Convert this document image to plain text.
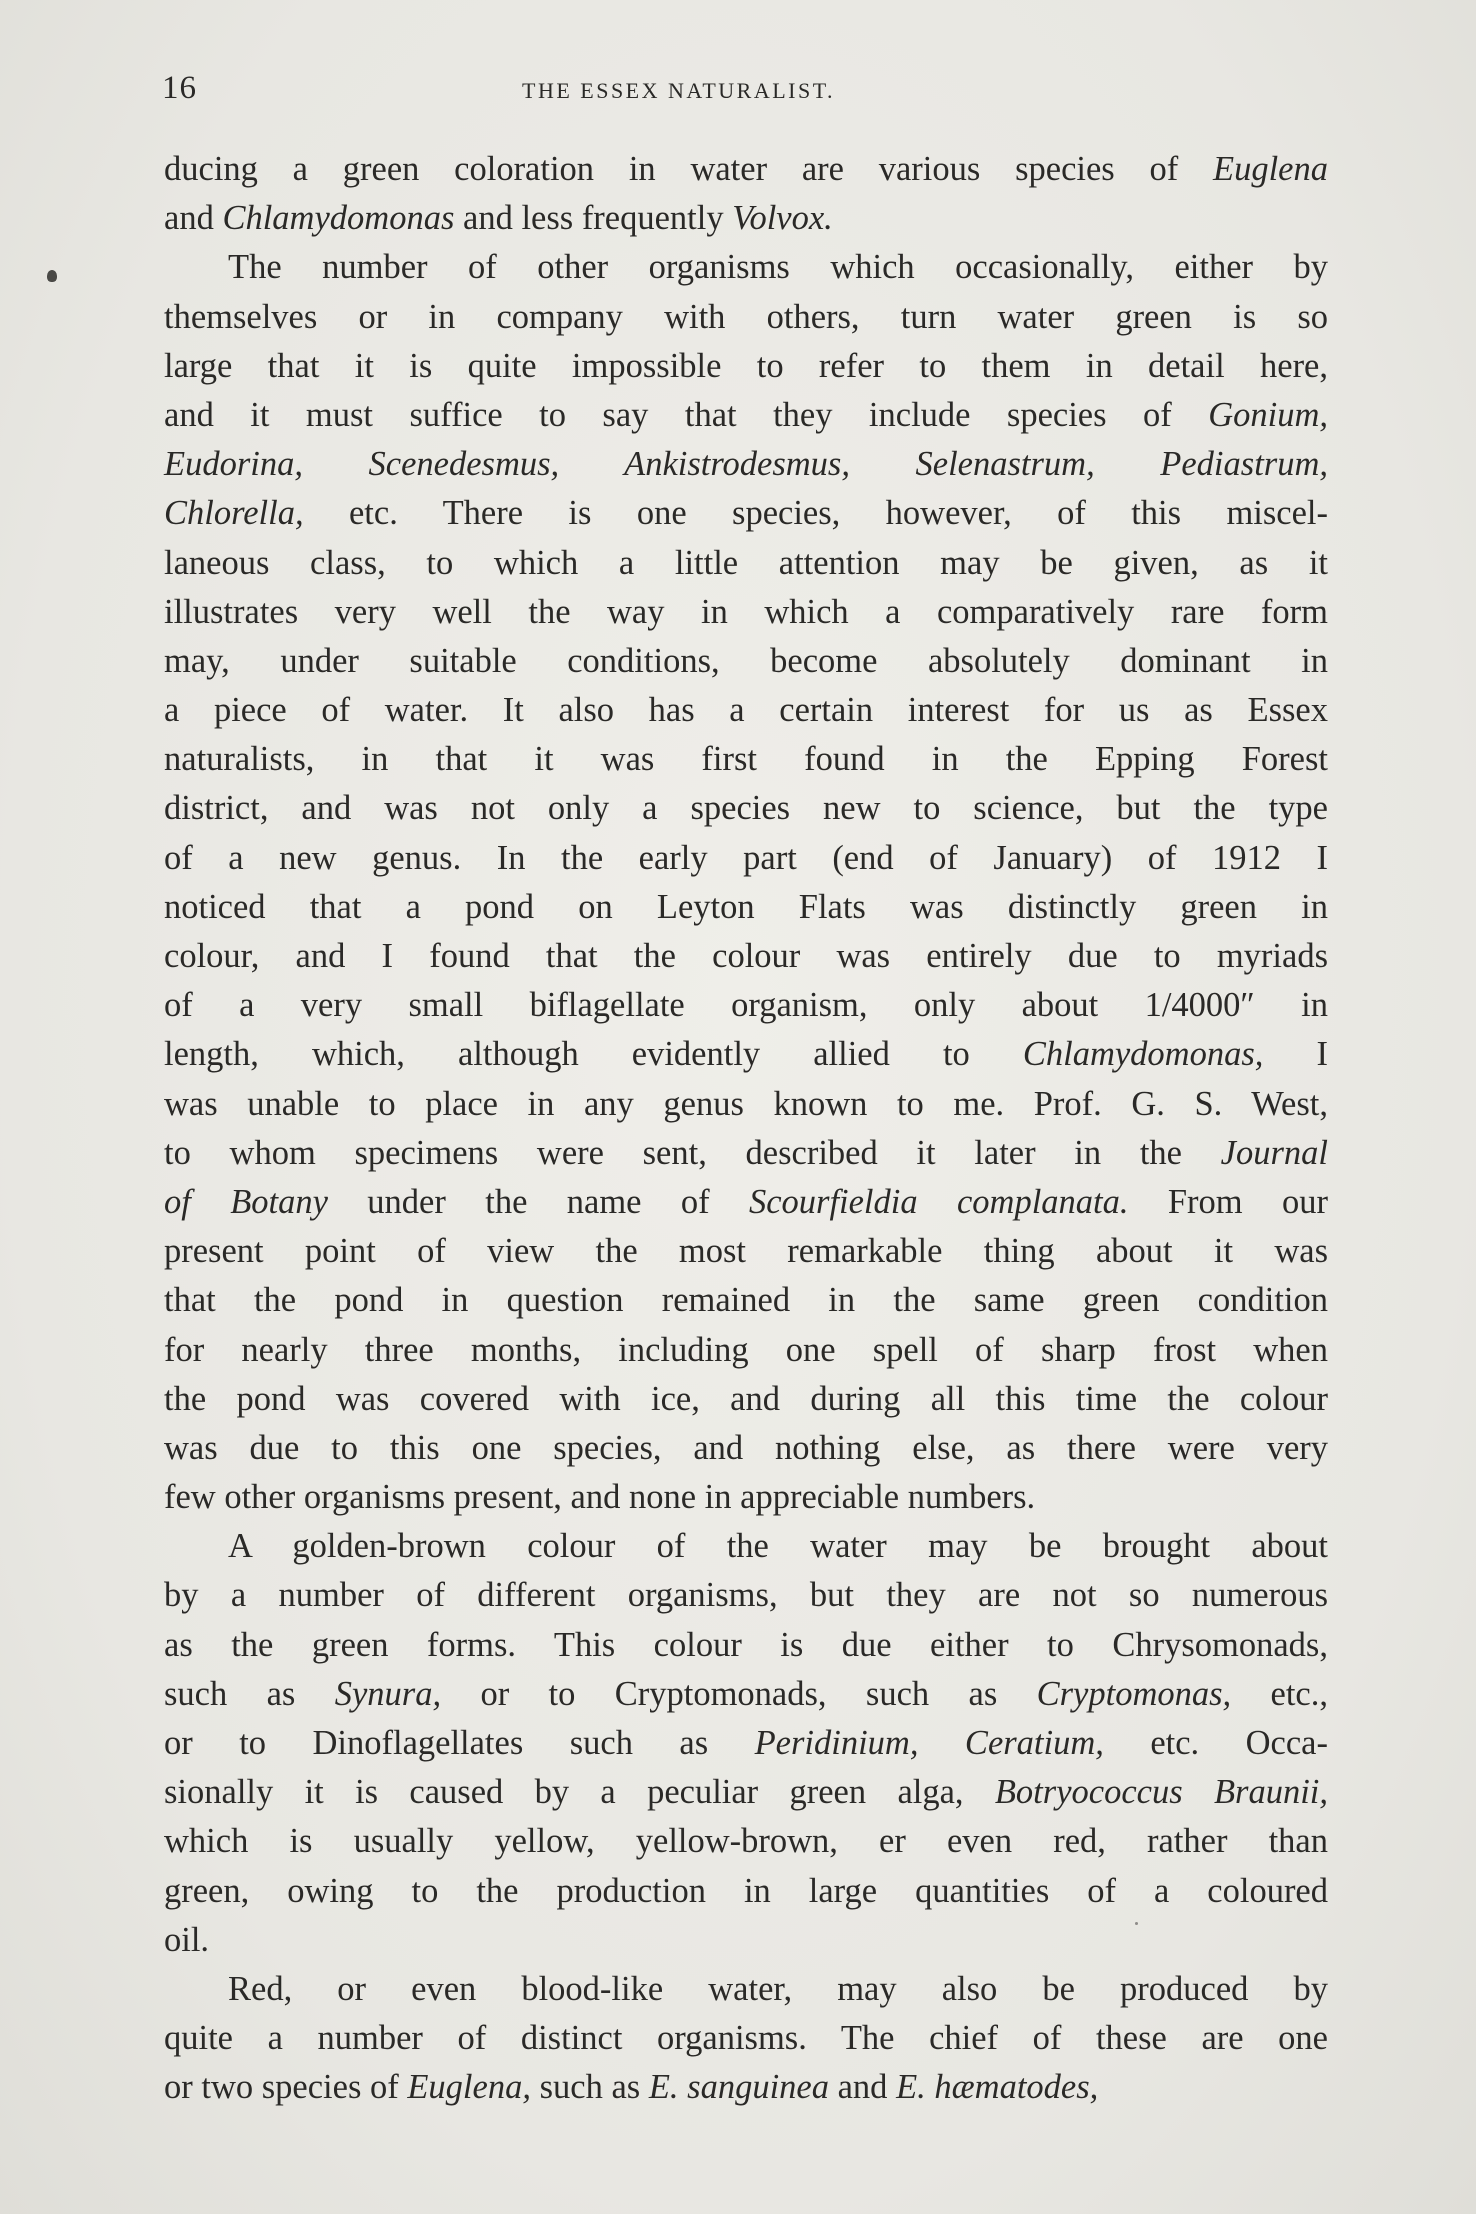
16	THE ESSEX NATURALIST.
ducing a green coloration in water are various species of Euglena
and Chlamydomonas and less frequently Volvox.
The number of other organisms which occasionally, either by
themselves or in company with others, turn water green is so
large that it is quite impossible to refer to them in detail here,
and it must suffice to say that they include species of Gonium,
Eudorina, Scenedesmus, Ankistrodesmus, Selenastrum, Pediastrum,
Chlorella, etc. There is one species, however, of this miscel-
laneous class, to which a little attention may be given, as it
illustrates very well the way in which a comparatively rare form
may, under suitable conditions, become absolutely dominant in
a piece of water. It also has a certain interest for us as Essex
naturalists, in that it was first found in the Epping Forest
district, and was not only a species new to science, but the type
of a new genus. In the early part (end of January) of 1912 I
noticed that a pond on Leyton Flats was distinctly green in
colour, and I found that the colour was entirely due to myriads
of a very small biflagellate organism, only about 1/4000″ in
length, which, although evidently allied to Chlamydomonas, I
was unable to place in any genus known to me. Prof. G. S. West,
to whom specimens were sent, described it later in the Journal
of Botany under the name of Scourfieldia complanata. From our
present point of view the most remarkable thing about it was
that the pond in question remained in the same green condition
for nearly three months, including one spell of sharp frost when
the pond was covered with ice, and during all this time the colour
was due to this one species, and nothing else, as there were very
few other organisms present, and none in appreciable numbers.
A golden-brown colour of the water may be brought about
by a number of different organisms, but they are not so numerous
as the green forms. This colour is due either to Chrysomonads,
such as Synura, or to Cryptomonads, such as Cryptomonas, etc.,
or to Dinoflagellates such as Peridinium, Ceratium, etc. Occa-
sionally it is caused by a peculiar green alga, Botryococcus Braunii,
which is usually yellow, yellow-brown, er even red, rather than
green, owing to the production in large quantities of a coloured
oil.
Red, or even blood-like water, may also be produced by
quite a number of distinct organisms. The chief of these are one
or two species of Euglena, such as E. sanguinea and E. hæmatodes,
